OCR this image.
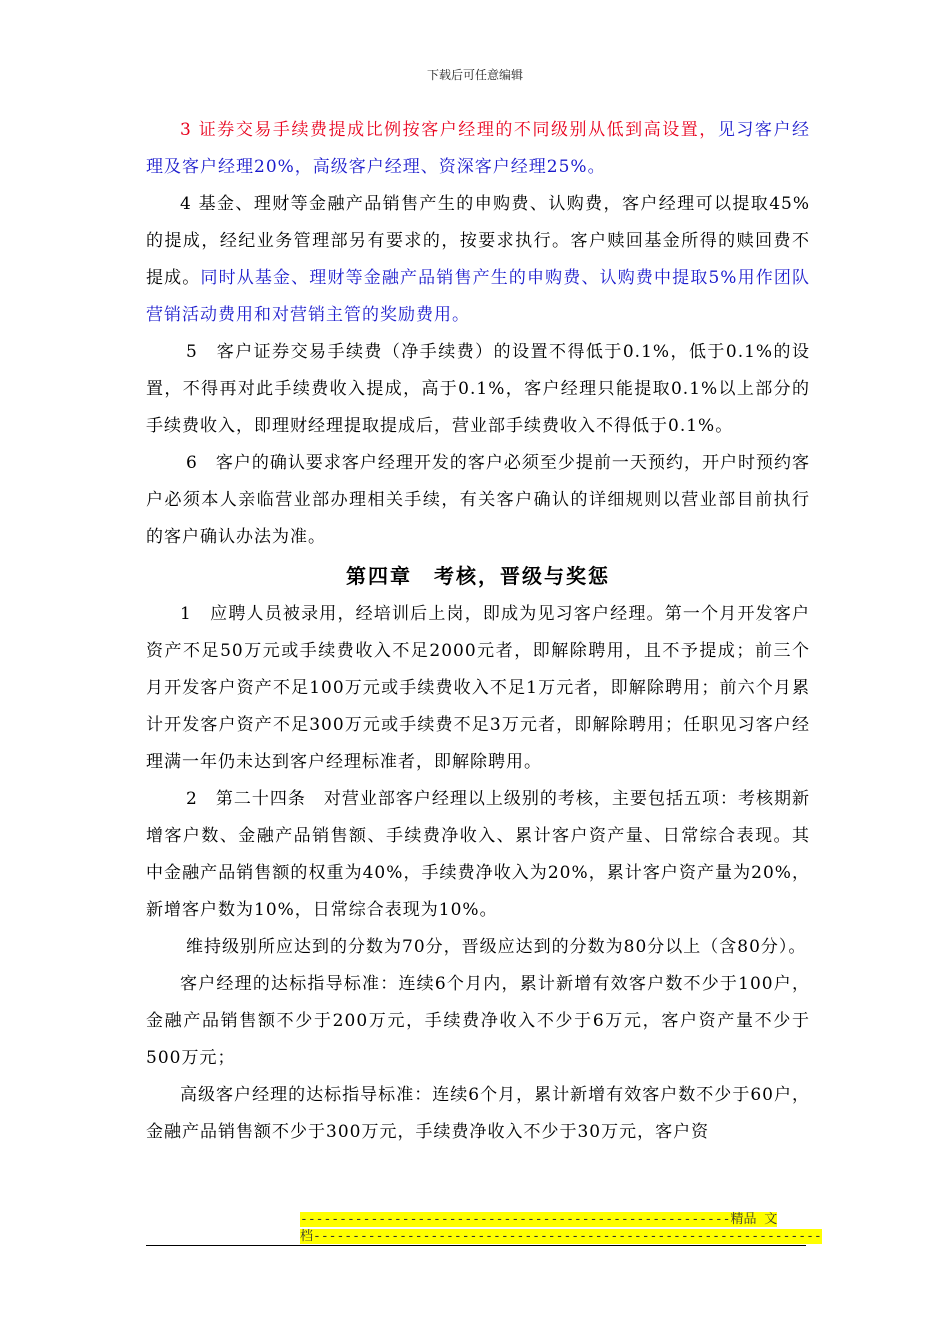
下载后可任意编辑

3 证券交易手续费提成比例按客户经理的不同级别从低到高设置，见习客户经理及客户经理20%，高级客户经理、资深客户经理25%。

4 基金、理财等金融产品销售产生的申购费、认购费，客户经理可以提取45%的提成，经纪业务管理部另有要求的，按要求执行。客户赎回基金所得的赎回费不提成。同时从基金、理财等金融产品销售产生的申购费、认购费中提取5%用作团队营销活动费用和对营销主管的奖励费用。

5　客户证券交易手续费（净手续费）的设置不得低于0.1%，低于0.1%的设置，不得再对此手续费收入提成，高于0.1%，客户经理只能提取0.1%以上部分的手续费收入，即理财经理提取提成后，营业部手续费收入不得低于0.1%。

6　客户的确认要求客户经理开发的客户必须至少提前一天预约，开户时预约客户必须本人亲临营业部办理相关手续，有关客户确认的详细规则以营业部目前执行的客户确认办法为准。

第四章　考核，晋级与奖惩

1　应聘人员被录用，经培训后上岗，即成为见习客户经理。第一个月开发客户资产不足50万元或手续费收入不足2000元者，即解除聘用，且不予提成；前三个月开发客户资产不足100万元或手续费收入不足1万元者，即解除聘用；前六个月累计开发客户资产不足300万元或手续费不足3万元者，即解除聘用；任职见习客户经理满一年仍未达到客户经理标准者，即解除聘用。

2　第二十四条　对营业部客户经理以上级别的考核，主要包括五项：考核期新增客户数、金融产品销售额、手续费净收入、累计客户资产量、日常综合表现。其中金融产品销售额的权重为40%，手续费净收入为20%，累计客户资产量为20%，新增客户数为10%，日常综合表现为10%。

维持级别所应达到的分数为70分，晋级应达到的分数为80分以上（含80分）。

客户经理的达标指导标准：连续6个月内，累计新增有效客户数不少于100户，金融产品销售额不少于200万元，手续费净收入不少于6万元，客户资产量不少于500万元；

高级客户经理的达标指导标准：连续6个月，累计新增有效客户数不少于60户，金融产品销售额不少于300万元，手续费净收入不少于30万元，客户资

-------------------------------------------------------精品 文
档-----------------------------------------------------------------
